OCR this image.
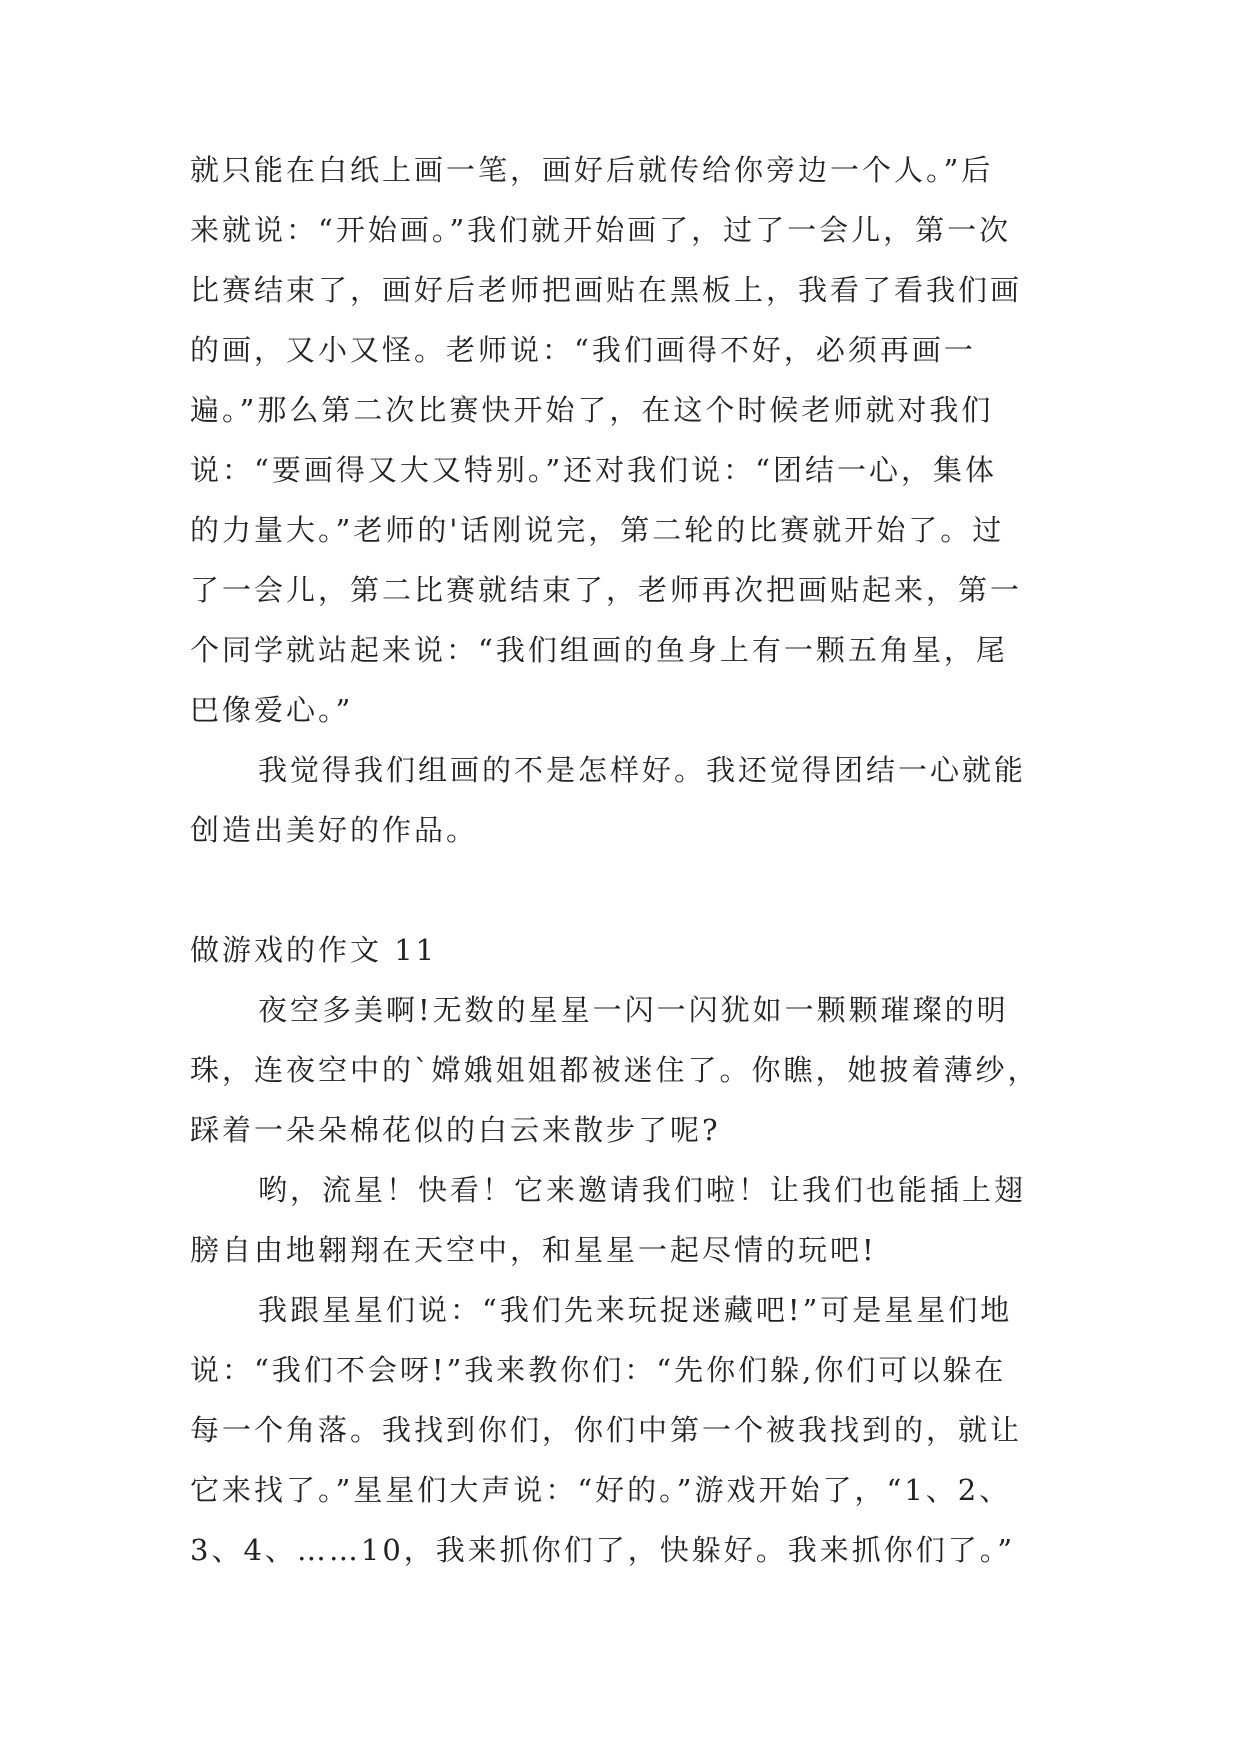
就只能在白纸上画一笔，画好后就传给你旁边一个人。”后
来就说：“开始画。”我们就开始画了，过了一会儿，第一次
比赛结束了，画好后老师把画贴在黑板上，我看了看我们画
的画，又小又怪。老师说：“我们画得不好，必须再画一
遍。”那么第二次比赛快开始了，在这个时候老师就对我们
说：“要画得又大又特别。”还对我们说：“团结一心，集体
的力量大。”老师的'话刚说完，第二轮的比赛就开始了。过
了一会儿，第二比赛就结束了，老师再次把画贴起来，第一
个同学就站起来说：“我们组画的鱼身上有一颗五角星，尾
巴像爱心。”
我觉得我们组画的不是怎样好。我还觉得团结一心就能
创造出美好的作品。
做游戏的作文 11
夜空多美啊!无数的星星一闪一闪犹如一颗颗璀璨的明
珠，连夜空中的`嫦娥姐姐都被迷住了。你瞧，她披着薄纱，
踩着一朵朵棉花似的白云来散步了呢?
哟，流星！快看！它来邀请我们啦！让我们也能插上翅
膀自由地翱翔在天空中，和星星一起尽情的玩吧!
我跟星星们说：“我们先来玩捉迷藏吧!”可是星星们地
说：“我们不会呀!”我来教你们：“先你们躲,你们可以躲在
每一个角落。我找到你们，你们中第一个被我找到的，就让
它来找了。”星星们大声说：“好的。”游戏开始了，“1、2、
3、4、……10，我来抓你们了，快躲好。我来抓你们了。”
